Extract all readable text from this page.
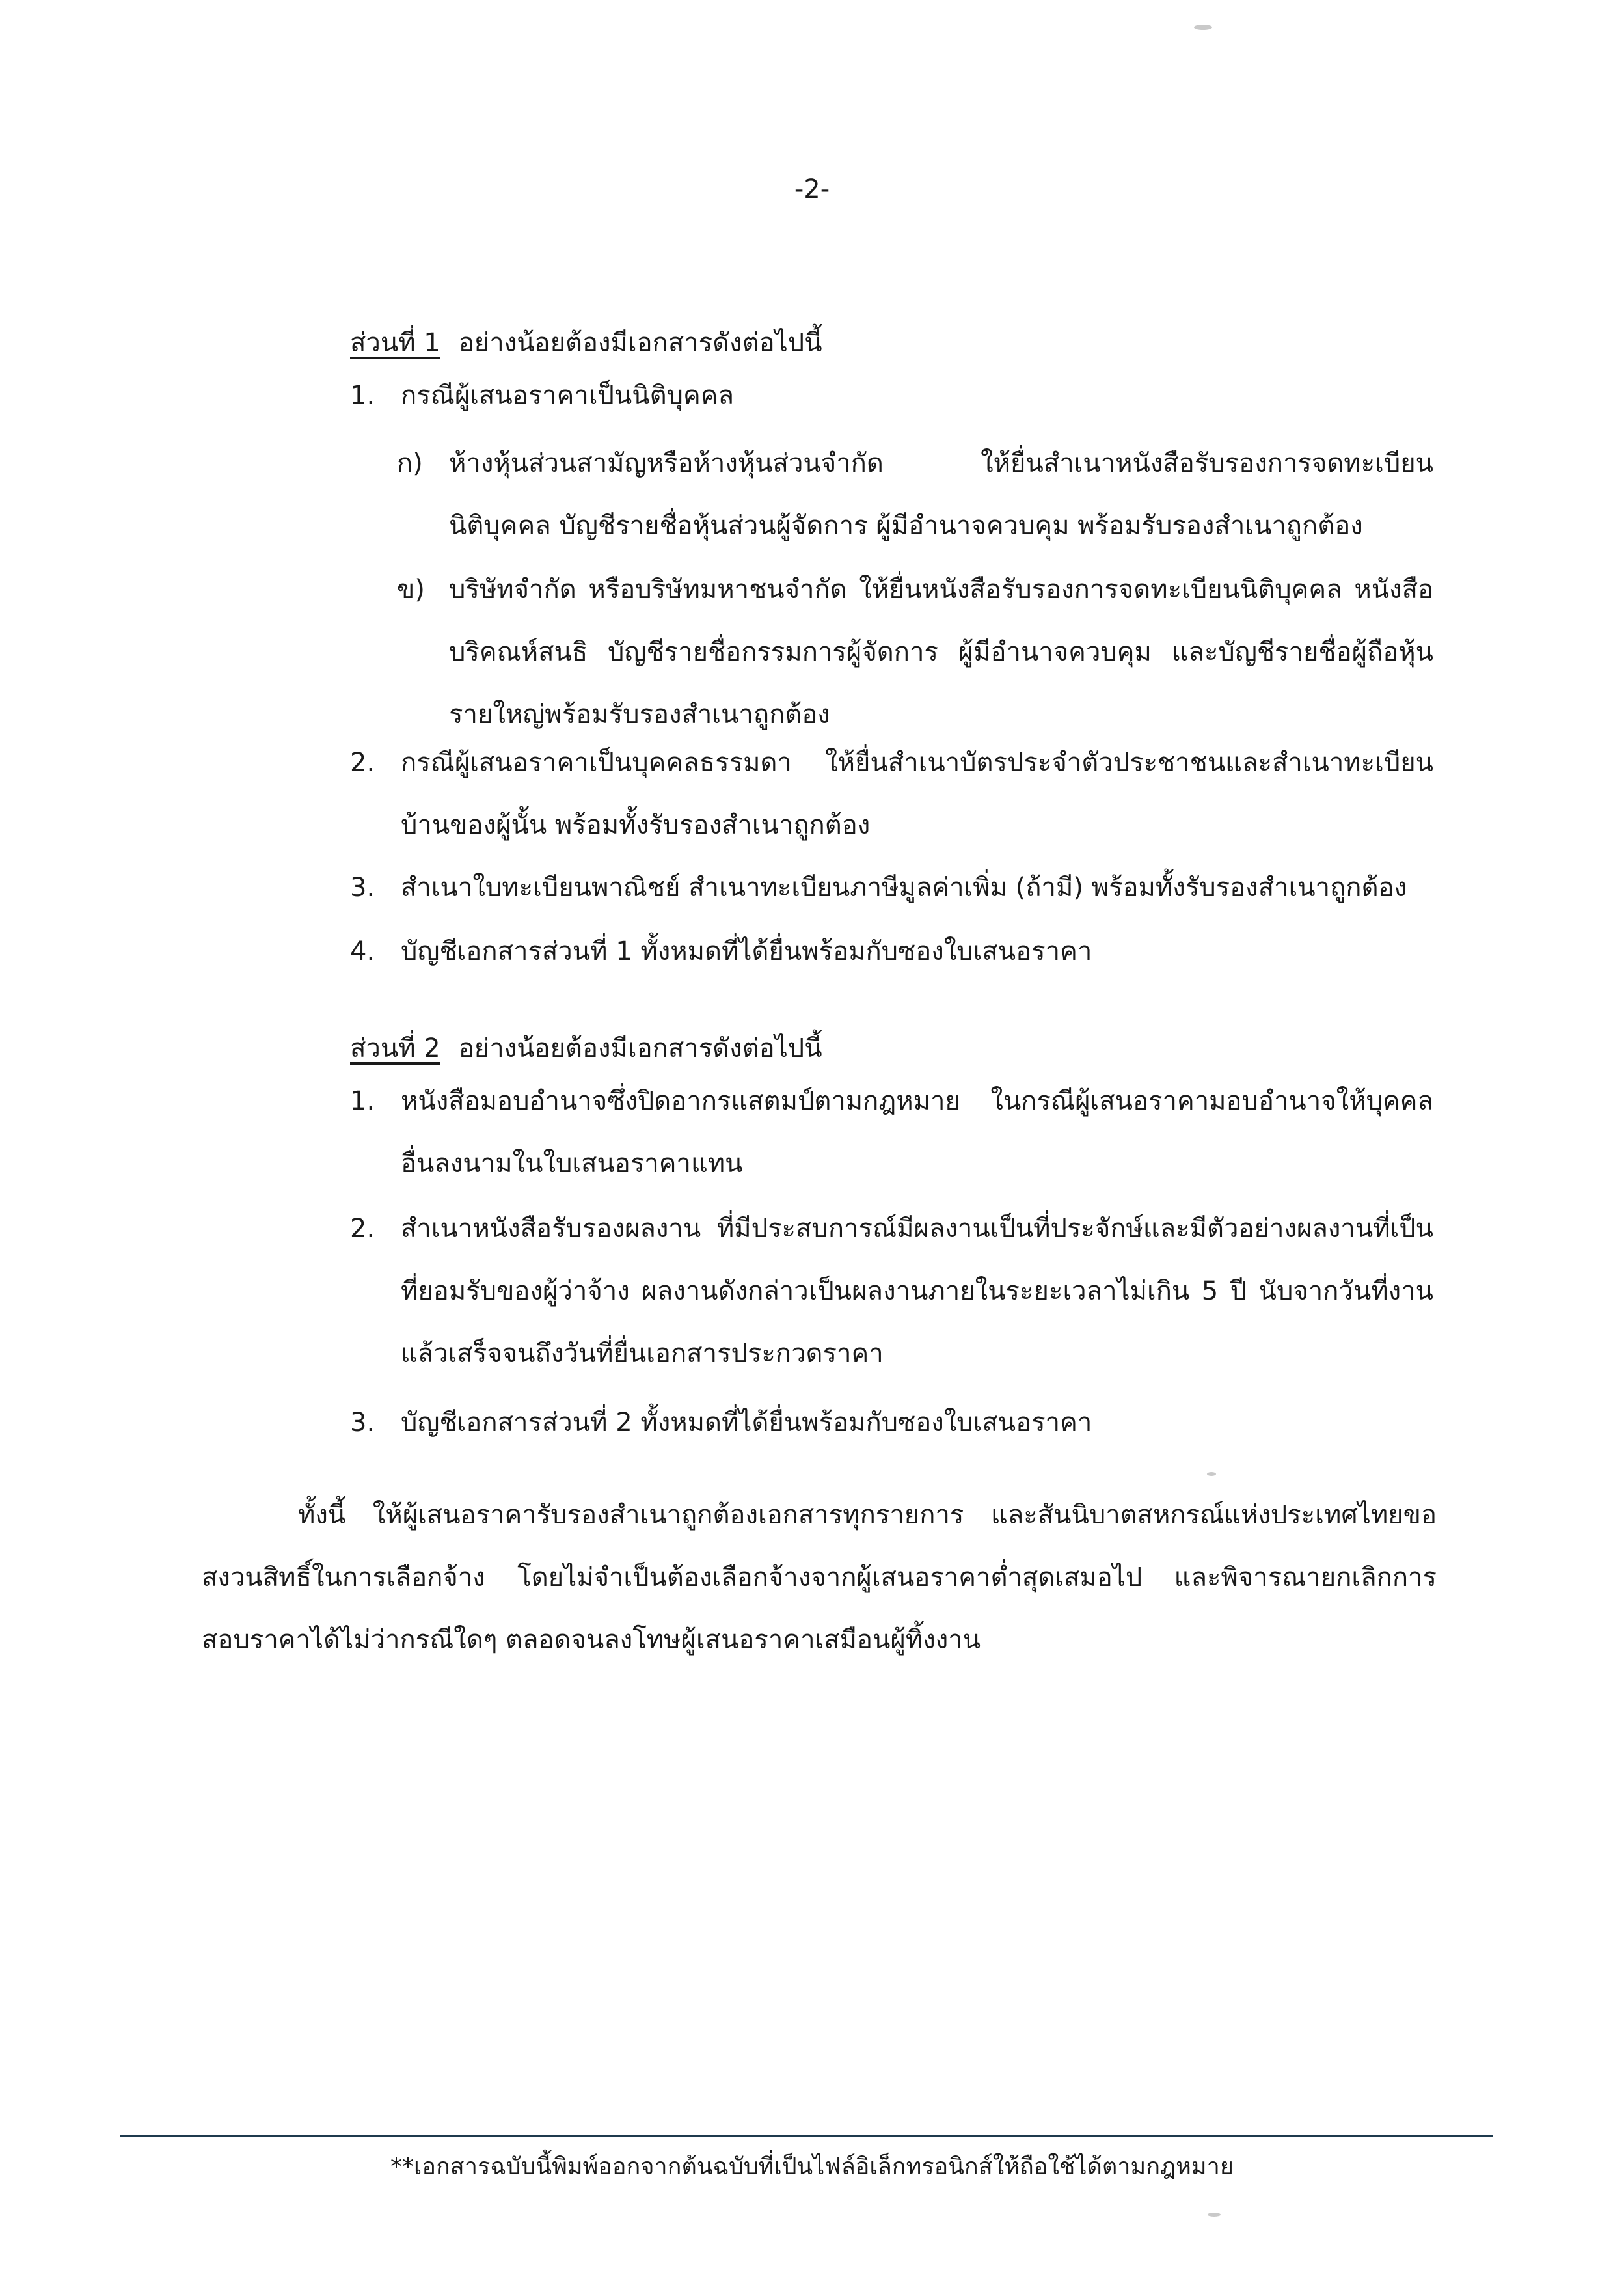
-2-
ส่วนที่ 1 อย่างน้อยต้องมีเอกสารดังต่อไปนี้
1. กรณีผู้เสนอราคาเป็นนิติบุคคล
ก)	ห้างหุ้นส่วนสามัญหรือห้างหุ้นส่วนจำกัด ให้ยื่นสำเนาหนังสือรับรองการจดทะเบียนนิติบุคคล บัญชีรายชื่อหุ้นส่วนผู้จัดการ ผู้มีอำนาจควบคุม พร้อมรับรองสำเนาถูกต้อง
ข) บริษัทจำกัด หรือบริษัทมหาชนจำกัด ให้ยื่นหนังสือรับรองการจดทะเบียนนิติบุคคล หนังสือบริคณห์สนธิ บัญชีรายชื่อกรรมการผู้จัดการ ผู้มีอำนาจควบคุม และบัญชีรายชื่อผู้ถือหุ้น รายใหญ่พร้อมรับรองสำเนาถูกต้อง
2. กรณีผู้เสนอราคาเป็นบุคคลธรรมดา ให้ยื่นสำเนาบัตรประจำตัวประชาชนและสำเนาทะเบียนบ้านของผู้นั้น พร้อมทั้งรับรองสำเนาถูกต้อง
3. สำเนาใบทะเบียนพาณิชย์ สำเนาทะเบียนภาษีมูลค่าเพิ่ม (ถ้ามี) พร้อมทั้งรับรองสำเนาถูกต้อง
4. บัญชีเอกสารส่วนที่ 1 ทั้งหมดที่ได้ยื่นพร้อมกับซองใบเสนอราคา
ส่วนที่ 2 อย่างน้อยต้องมีเอกสารดังต่อไปนี้
1. หนังสือมอบอำนาจซึ่งปิดอากรแสตมป์ตามกฎหมาย ในกรณีผู้เสนอราคามอบอำนาจให้บุคคลอื่นลงนามในใบเสนอราคาแทน
2. สำเนาหนังสือรับรองผลงาน ที่มีประสบการณ์มีผลงานเป็นที่ประจักษ์และมีตัวอย่างผลงานที่เป็นที่ยอมรับของผู้ว่าจ้าง ผลงานดังกล่าวเป็นผลงานภายในระยะเวลาไม่เกิน 5 ปี นับจากวันที่งานแล้วเสร็จจนถึงวันที่ยื่นเอกสารประกวดราคา
3. บัญชีเอกสารส่วนที่ 2 ทั้งหมดที่ได้ยื่นพร้อมกับซองใบเสนอราคา
ทั้งนี้ ให้ผู้เสนอราคารับรองสำเนาถูกต้องเอกสารทุกรายการ และสันนิบาตสหกรณ์แห่งประเทศไทยขอสงวนสิทธิ์ในการเลือกจ้าง โดยไม่จำเป็นต้องเลือกจ้างจากผู้เสนอราคาต่ำสุดเสมอไป และพิจารณายกเลิกการสอบราคาได้ไม่ว่ากรณีใดๆ ตลอดจนลงโทษผู้เสนอราคาเสมือนผู้ทิ้งงาน
**เอกสารฉบับนี้พิมพ์ออกจากต้นฉบับที่เป็นไฟล์อิเล็กทรอนิกส์ให้ถือใช้ได้ตามกฎหมาย
